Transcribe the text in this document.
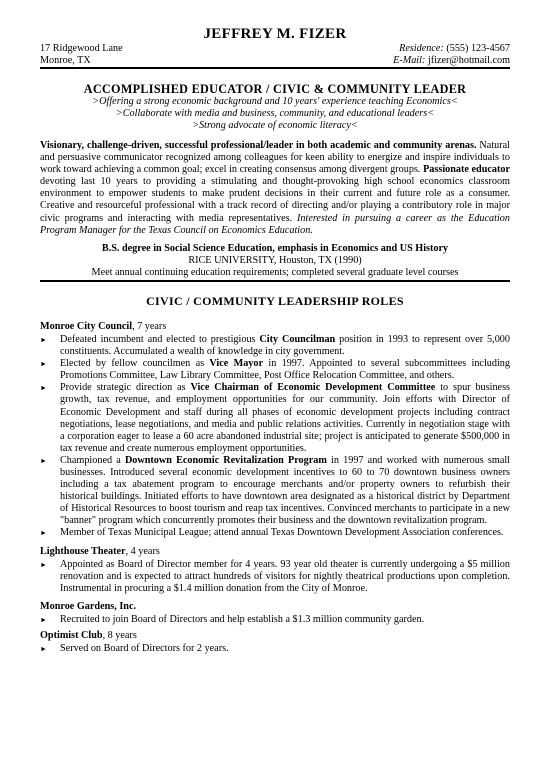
JEFFREY M. FIZER
17 Ridgewood Lane	Residence: (555) 123-4567
Monroe, TX	E-Mail: jfizer@hotmail.com
ACCOMPLISHED EDUCATOR / CIVIC & COMMUNITY LEADER
>Offering a strong economic background and 10 years' experience teaching Economics<
>Collaborate with media and business, community, and educational leaders<
>Strong advocate of economic literacy<

Visionary, challenge-driven, successful professional/leader in both academic and community arenas. Natural and persuasive communicator recognized among colleagues for keen ability to energize and inspire individuals to work toward achieving a common goal; excel in creating consensus among divergent groups. Passionate educator devoting last 10 years to providing a stimulating and thought-provoking high school economics classroom environment to empower students to make prudent decisions in their current and future role as a consumer. Creative and resourceful professional with a track record of directing and/or playing a contributory role in major civic programs and interacting with media representatives. Interested in pursuing a career as the Education Program Manager for the Texas Council on Economics Education.

B.S. degree in Social Science Education, emphasis in Economics and US History
RICE UNIVERSITY, Houston, TX (1990)
Meet annual continuing education requirements; completed several graduate level courses
CIVIC / COMMUNITY LEADERSHIP ROLES
Monroe City Council, 7 years
► Defeated incumbent and elected to prestigious City Councilman position in 1993 to represent over 5,000 constituents. Accumulated a wealth of knowledge in city government.
► Elected by fellow councilmen as Vice Mayor in 1997. Appointed to several subcommittees including Promotions Committee, Law Library Committee, Post Office Relocation Committee, and others.
► Provide strategic direction as Vice Chairman of Economic Development Committee to spur business growth, tax revenue, and employment opportunities for our community. Join efforts with Director of Economic Development and staff during all phases of economic development projects including contract negotiations, lease negotiations, and media and public relations activities. Currently in negotiation stage with a corporation eager to lease a 60 acre abandoned industrial site; project is anticipated to generate $500,000 in tax revenue and create numerous employment opportunities.
► Championed a Downtown Economic Revitalization Program in 1997 and worked with numerous small businesses. Introduced several economic development incentives to 60 to 70 downtown business owners including a tax abatement program to encourage merchants and/or property owners to refurbish their historical buildings. Initiated efforts to have downtown area designated as a historical district by Department of Historical Resources to boost tourism and reap tax incentives. Convinced merchants to participate in a new "banner" program which concurrently promotes their business and the downtown revitalization program.
► Member of Texas Municipal League; attend annual Texas Downtown Development Association conferences.
Lighthouse Theater, 4 years
► Appointed as Board of Director member for 4 years. 93 year old theater is currently undergoing a $5 million renovation and is expected to attract hundreds of visitors for nightly theatrical productions upon completion. Instrumental in procuring a $1.4 million donation from the City of Monroe.
Monroe Gardens, Inc.
► Recruited to join Board of Directors and help establish a $1.3 million community garden.
Optimist Club, 8 years
► Served on Board of Directors for 2 years.
